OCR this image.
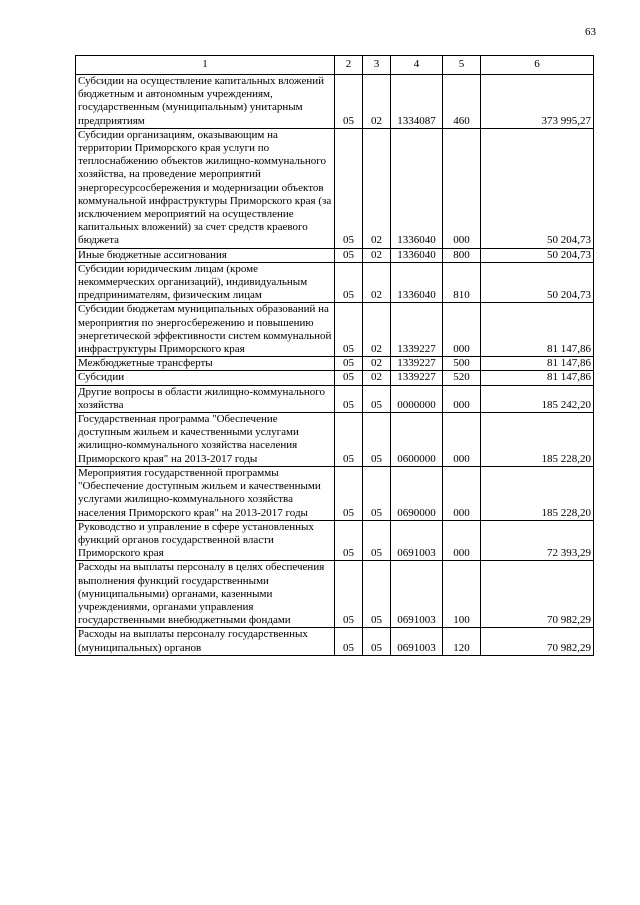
63
1	2	3	4	5	6
Субсидии на осуществление капитальных вложений бюджетным и автономным учреждениям, государственным (муниципальным) унитарным предприятиям	05	02	1334087	460	373 995,27
Субсидии организациям, оказывающим на территории Приморского края услуги по теплоснабжению объектов жилищно-коммунального хозяйства, на проведение мероприятий энергоресурсосбережения и модернизации объектов коммунальной инфраструктуры Приморского края (за исключением мероприятий на осуществление капитальных вложений) за счет средств краевого бюджета	05	02	1336040	000	50 204,73
Иные бюджетные ассигнования	05	02	1336040	800	50 204,73
Субсидии юридическим лицам (кроме некоммерческих организаций), индивидуальным предпринимателям, физическим лицам	05	02	1336040	810	50 204,73
Субсидии бюджетам муниципальных образований на мероприятия по энергосбережению и повышению энергетической эффективности систем коммунальной инфраструктуры Приморского края	05	02	1339227	000	81 147,86
Межбюджетные трансферты	05	02	1339227	500	81 147,86
Субсидии	05	02	1339227	520	81 147,86
Другие вопросы в области жилищно-коммунального хозяйства	05	05	0000000	000	185 242,20
Государственная программа "Обеспечение доступным жильем и качественными услугами жилищно-коммунального хозяйства населения Приморского края" на 2013-2017 годы	05	05	0600000	000	185 228,20
Мероприятия государственной программы "Обеспечение доступным жильем и качественными услугами жилищно-коммунального хозяйства населения Приморского края" на 2013-2017 годы	05	05	0690000	000	185 228,20
Руководство и управление в сфере установленных функций органов государственной власти Приморского края	05	05	0691003	000	72 393,29
Расходы на выплаты персоналу в целях обеспечения выполнения функций государственными (муниципальными) органами, казенными учреждениями, органами управления государственными внебюджетными фондами	05	05	0691003	100	70 982,29
Расходы на выплаты персоналу государственных (муниципальных) органов	05	05	0691003	120	70 982,29
